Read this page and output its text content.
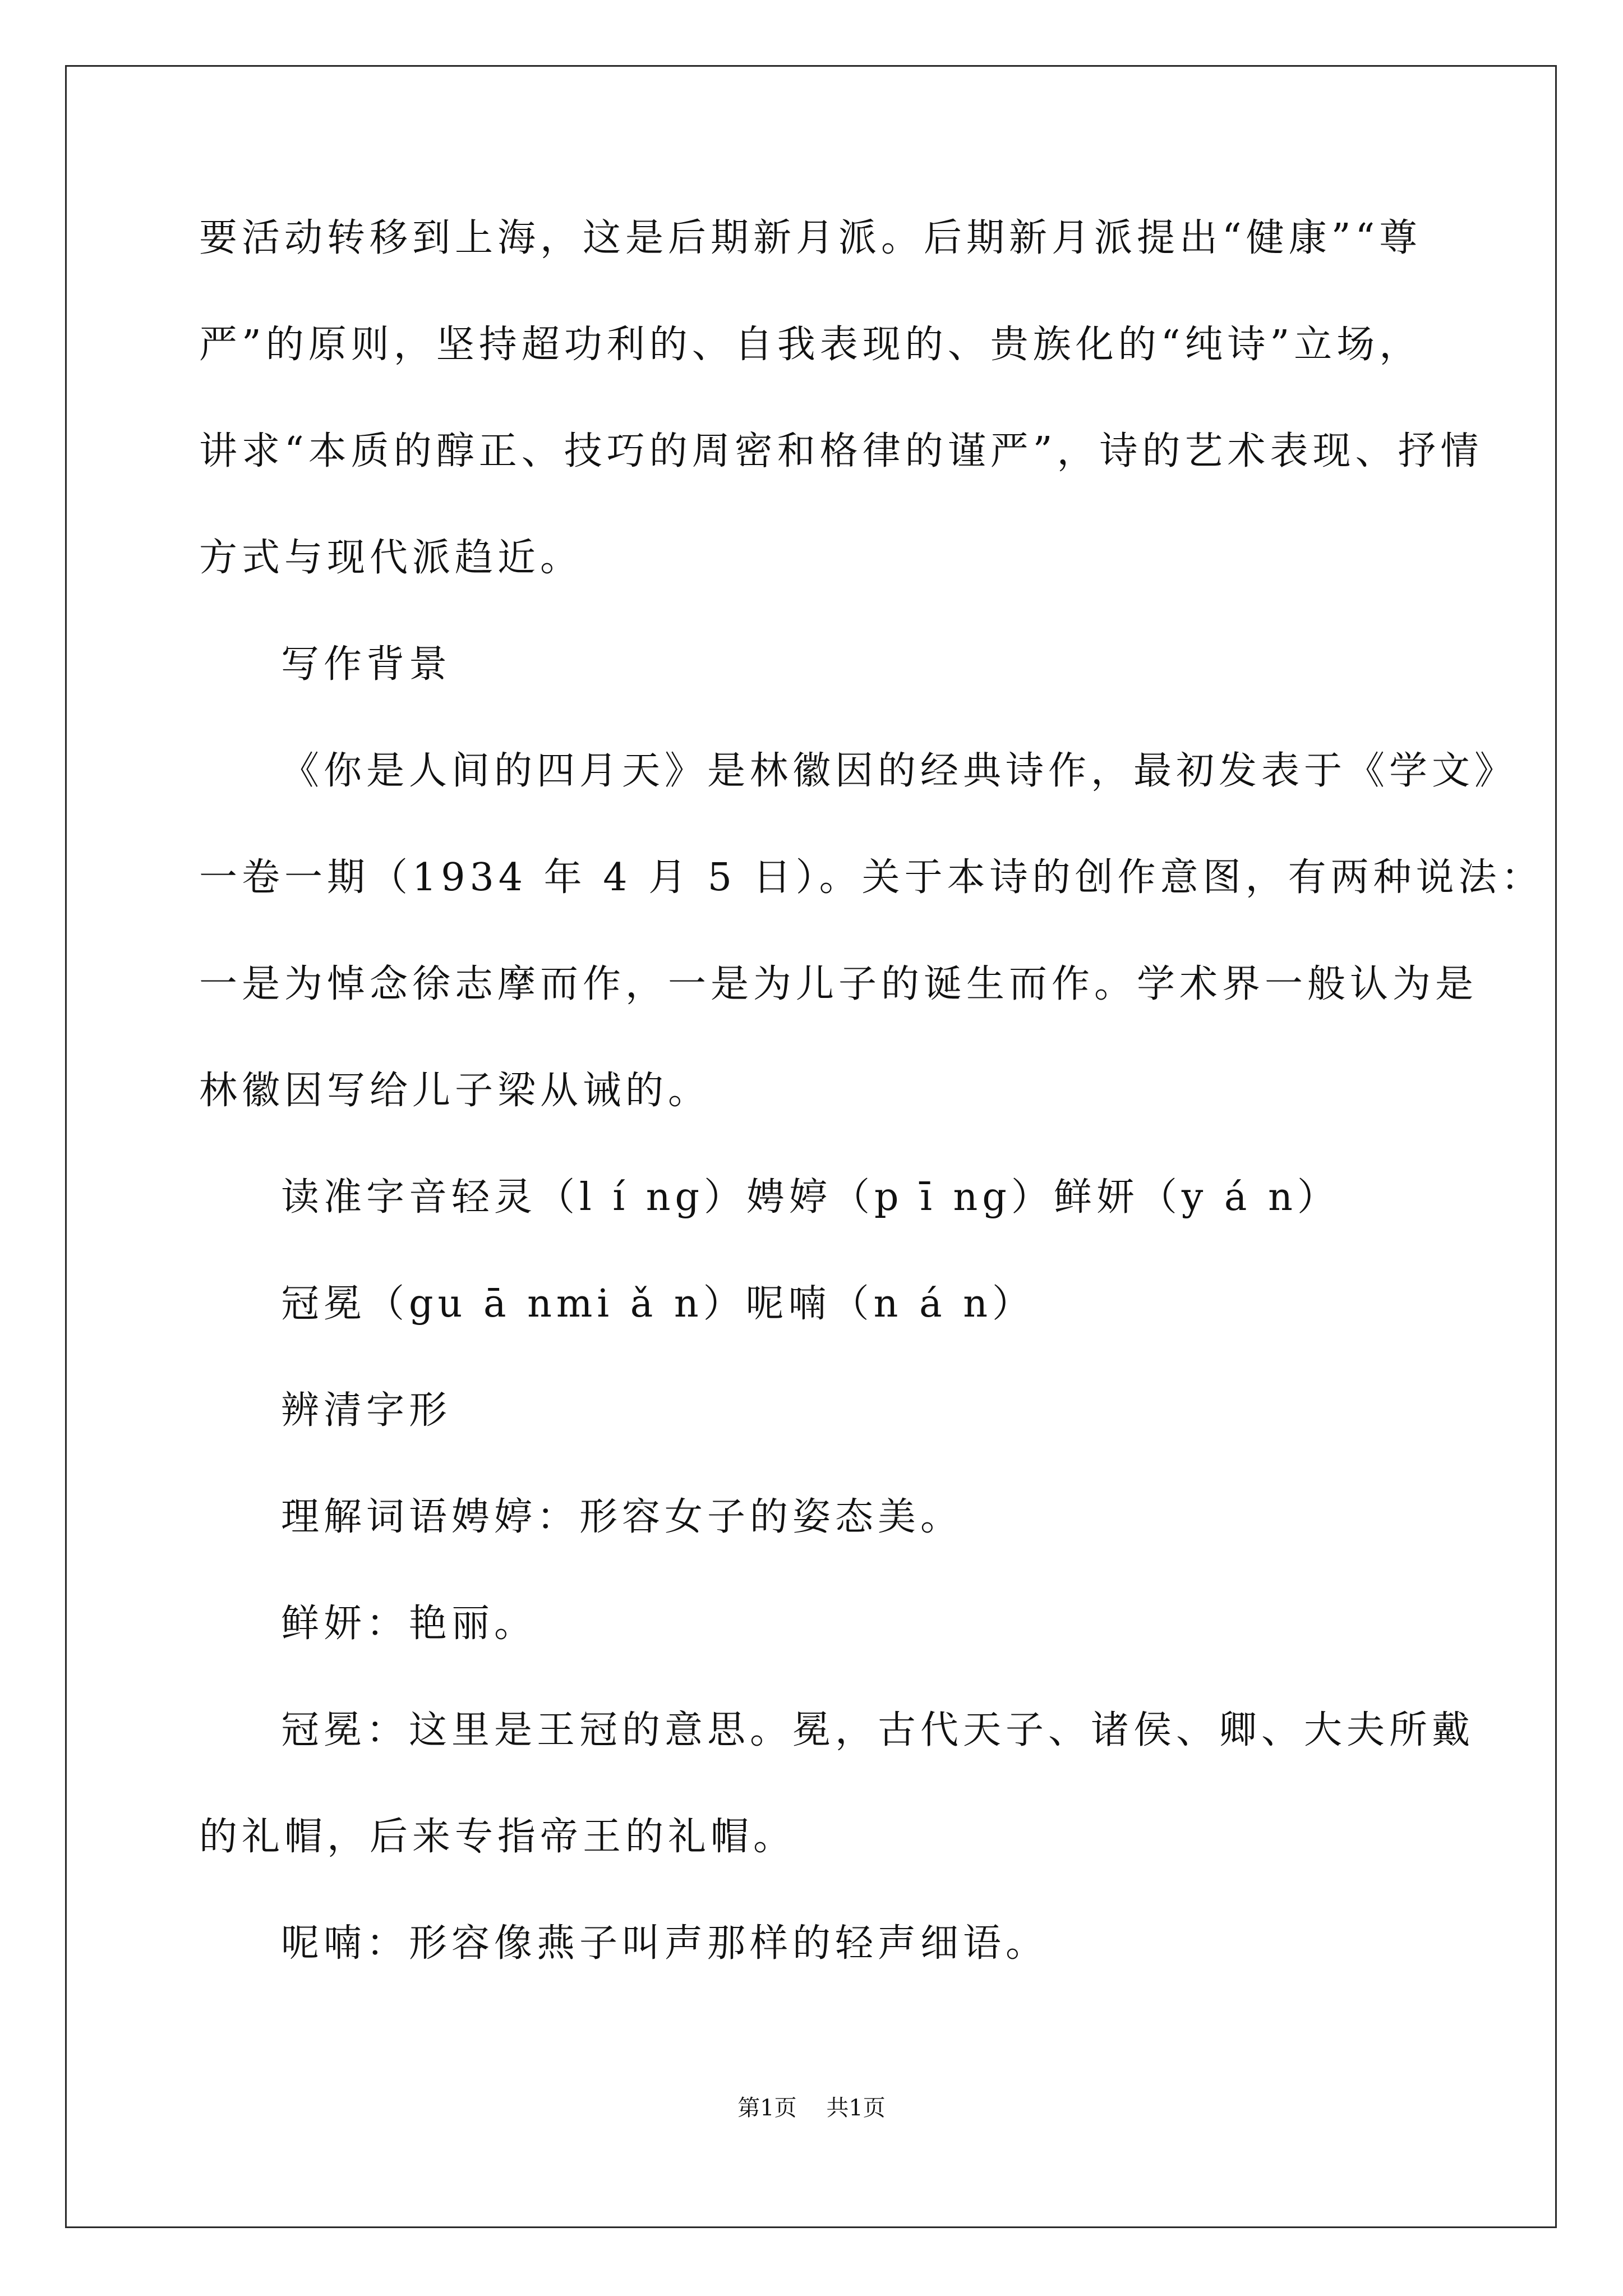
要活动转移到上海，这是后期新月派。后期新月派提出“健康”“尊
严”的原则，坚持超功利的、自我表现的、贵族化的“纯诗”立场，
讲求“本质的醇正、技巧的周密和格律的谨严”，诗的艺术表现、抒情
方式与现代派趋近。
写作背景
《你是人间的四月天》是林徽因的经典诗作，最初发表于《学文》
一卷一期（1934 年 4 月 5 日）。关于本诗的创作意图，有两种说法：
一是为悼念徐志摩而作，一是为儿子的诞生而作。学术界一般认为是
林徽因写给儿子梁从诫的。
读准字音轻灵（l í ng）娉婷（p ī ng）鲜妍（y á n）
冠冕（gu ā nmi ǎ n）呢喃（n á n）
辨清字形
理解词语娉婷：形容女子的姿态美。
鲜妍：艳丽。
冠冕：这里是王冠的意思。冕，古代天子、诸侯、卿、大夫所戴
的礼帽，后来专指帝王的礼帽。
呢喃：形容像燕子叫声那样的轻声细语。
第1页 共1页
